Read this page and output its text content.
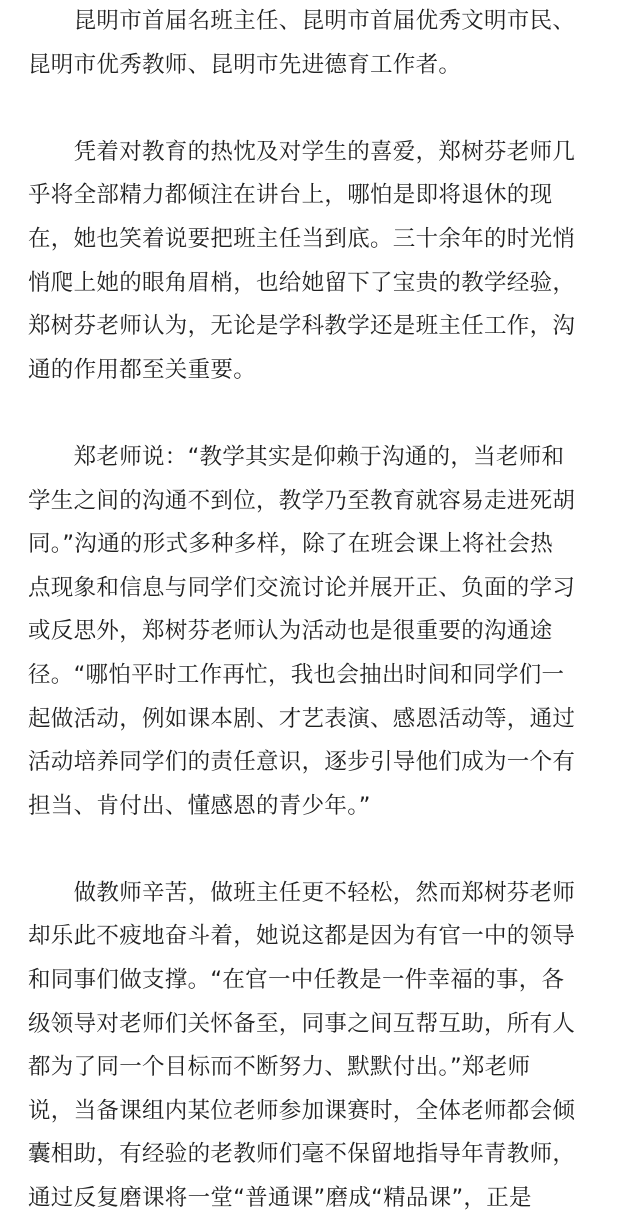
　　昆明市首届名班主任、昆明市首届优秀文明市民、
昆明市优秀教师、昆明市先进德育工作者。
　　凭着对教育的热忱及对学生的喜爱，郑树芬老师几
乎将全部精力都倾注在讲台上，哪怕是即将退休的现
在，她也笑着说要把班主任当到底。三十余年的时光悄
悄爬上她的眼角眉梢，也给她留下了宝贵的教学经验，
郑树芬老师认为，无论是学科教学还是班主任工作，沟
通的作用都至关重要。
　　郑老师说：“教学其实是仰赖于沟通的，当老师和
学生之间的沟通不到位，教学乃至教育就容易走进死胡
同。”沟通的形式多种多样，除了在班会课上将社会热
点现象和信息与同学们交流讨论并展开正、负面的学习
或反思外，郑树芬老师认为活动也是很重要的沟通途
径。“哪怕平时工作再忙，我也会抽出时间和同学们一
起做活动，例如课本剧、才艺表演、感恩活动等，通过
活动培养同学们的责任意识，逐步引导他们成为一个有
担当、肯付出、懂感恩的青少年。”
　　做教师辛苦，做班主任更不轻松，然而郑树芬老师
却乐此不疲地奋斗着，她说这都是因为有官一中的领导
和同事们做支撑。“在官一中任教是一件幸福的事，各
级领导对老师们关怀备至，同事之间互帮互助，所有人
都为了同一个目标而不断努力、默默付出。”郑老师
说，当备课组内某位老师参加课赛时，全体老师都会倾
囊相助，有经验的老教师们毫不保留地指导年青教师，
通过反复磨课将一堂“普通课”磨成“精品课”，正是
